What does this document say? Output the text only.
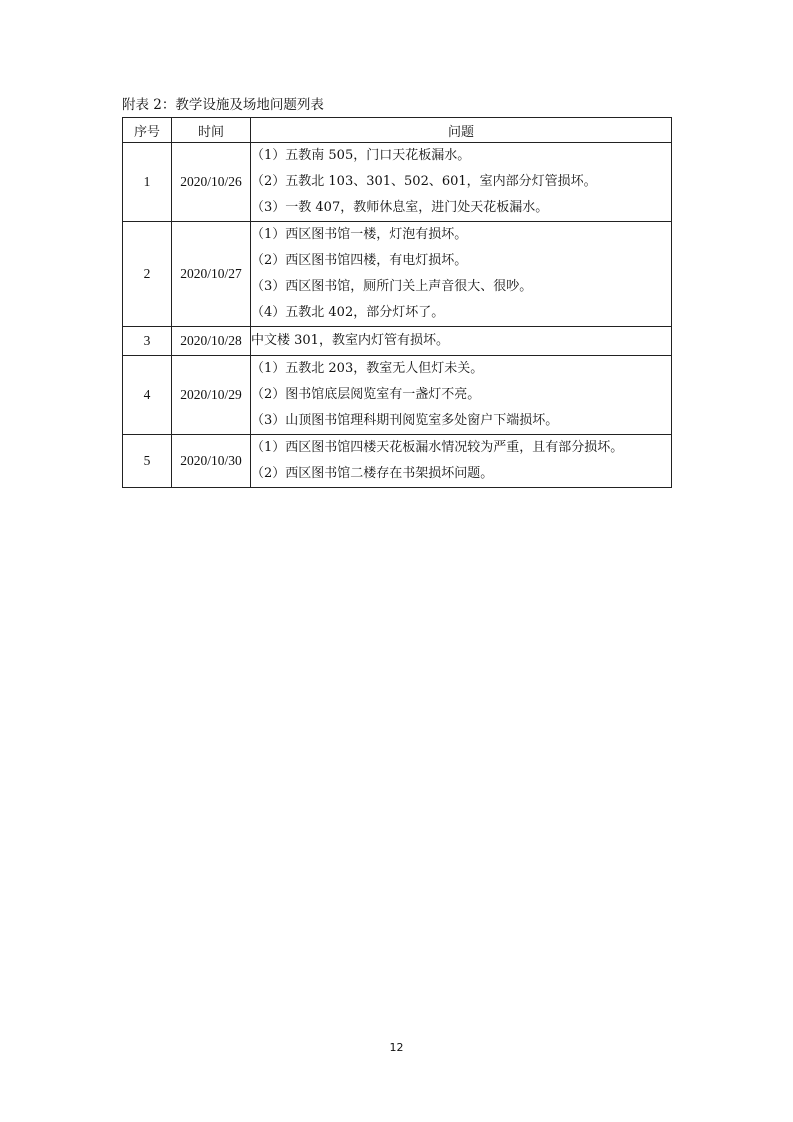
附表 2：教学设施及场地问题列表
序号	时间	问题
1	2020/10/26	（1）五教南 505，门口天花板漏水。
（2）五教北 103、301、502、601，室内部分灯管损坏。
（3）一教 407，教师休息室，进门处天花板漏水。

2	2020/10/27	（1）西区图书馆一楼，灯泡有损坏。
（2）西区图书馆四楼，有电灯损坏。
（3）西区图书馆，厕所门关上声音很大、很吵。
（4）五教北 402，部分灯坏了。

3	2020/10/28	中文楼 301，教室内灯管有损坏。

4	2020/10/29	（1）五教北 203，教室无人但灯未关。
（2）图书馆底层阅览室有一盏灯不亮。
（3）山顶图书馆理科期刊阅览室多处窗户下端损坏。

5	2020/10/30	（1）西区图书馆四楼天花板漏水情况较为严重，且有部分损坏。
（2）西区图书馆二楼存在书架损坏问题。
12
